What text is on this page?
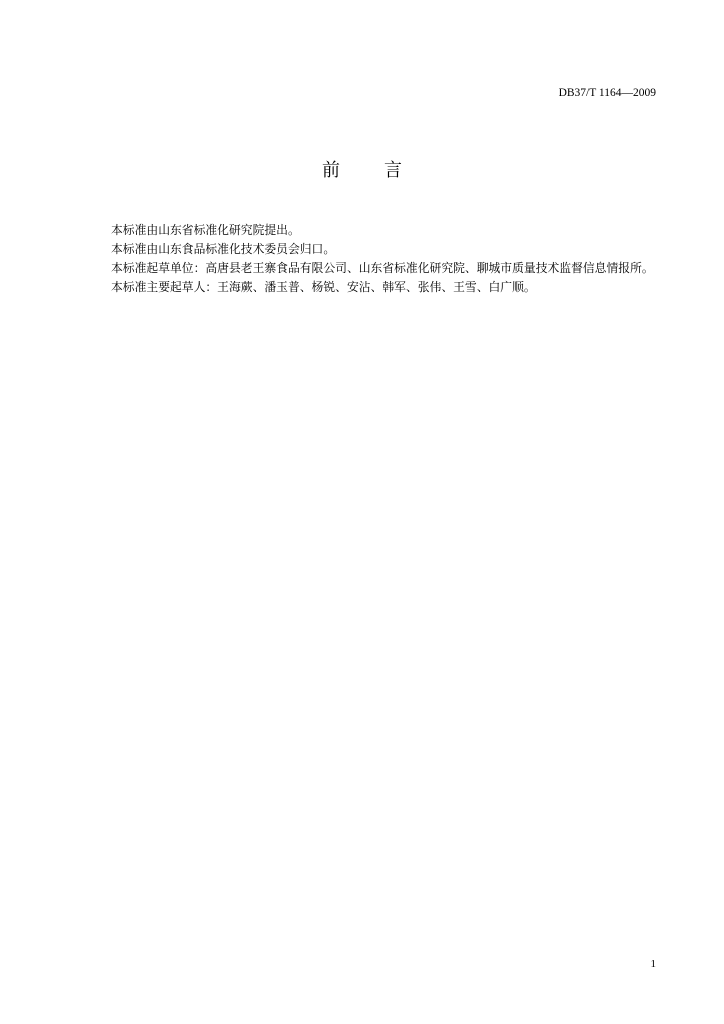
DB37/T 1164—2009
前言

本标准由山东省标准化研究院提出。

本标准由山东食品标准化技术委员会归口。

本标准起草单位：高唐县老王寨食品有限公司、山东省标准化研究院、聊城市质量技术监督信息情报所。

本标准主要起草人：王海蕨、潘玉普、杨锐、安沾、韩军、张伟、王雪、白广顺。

1
